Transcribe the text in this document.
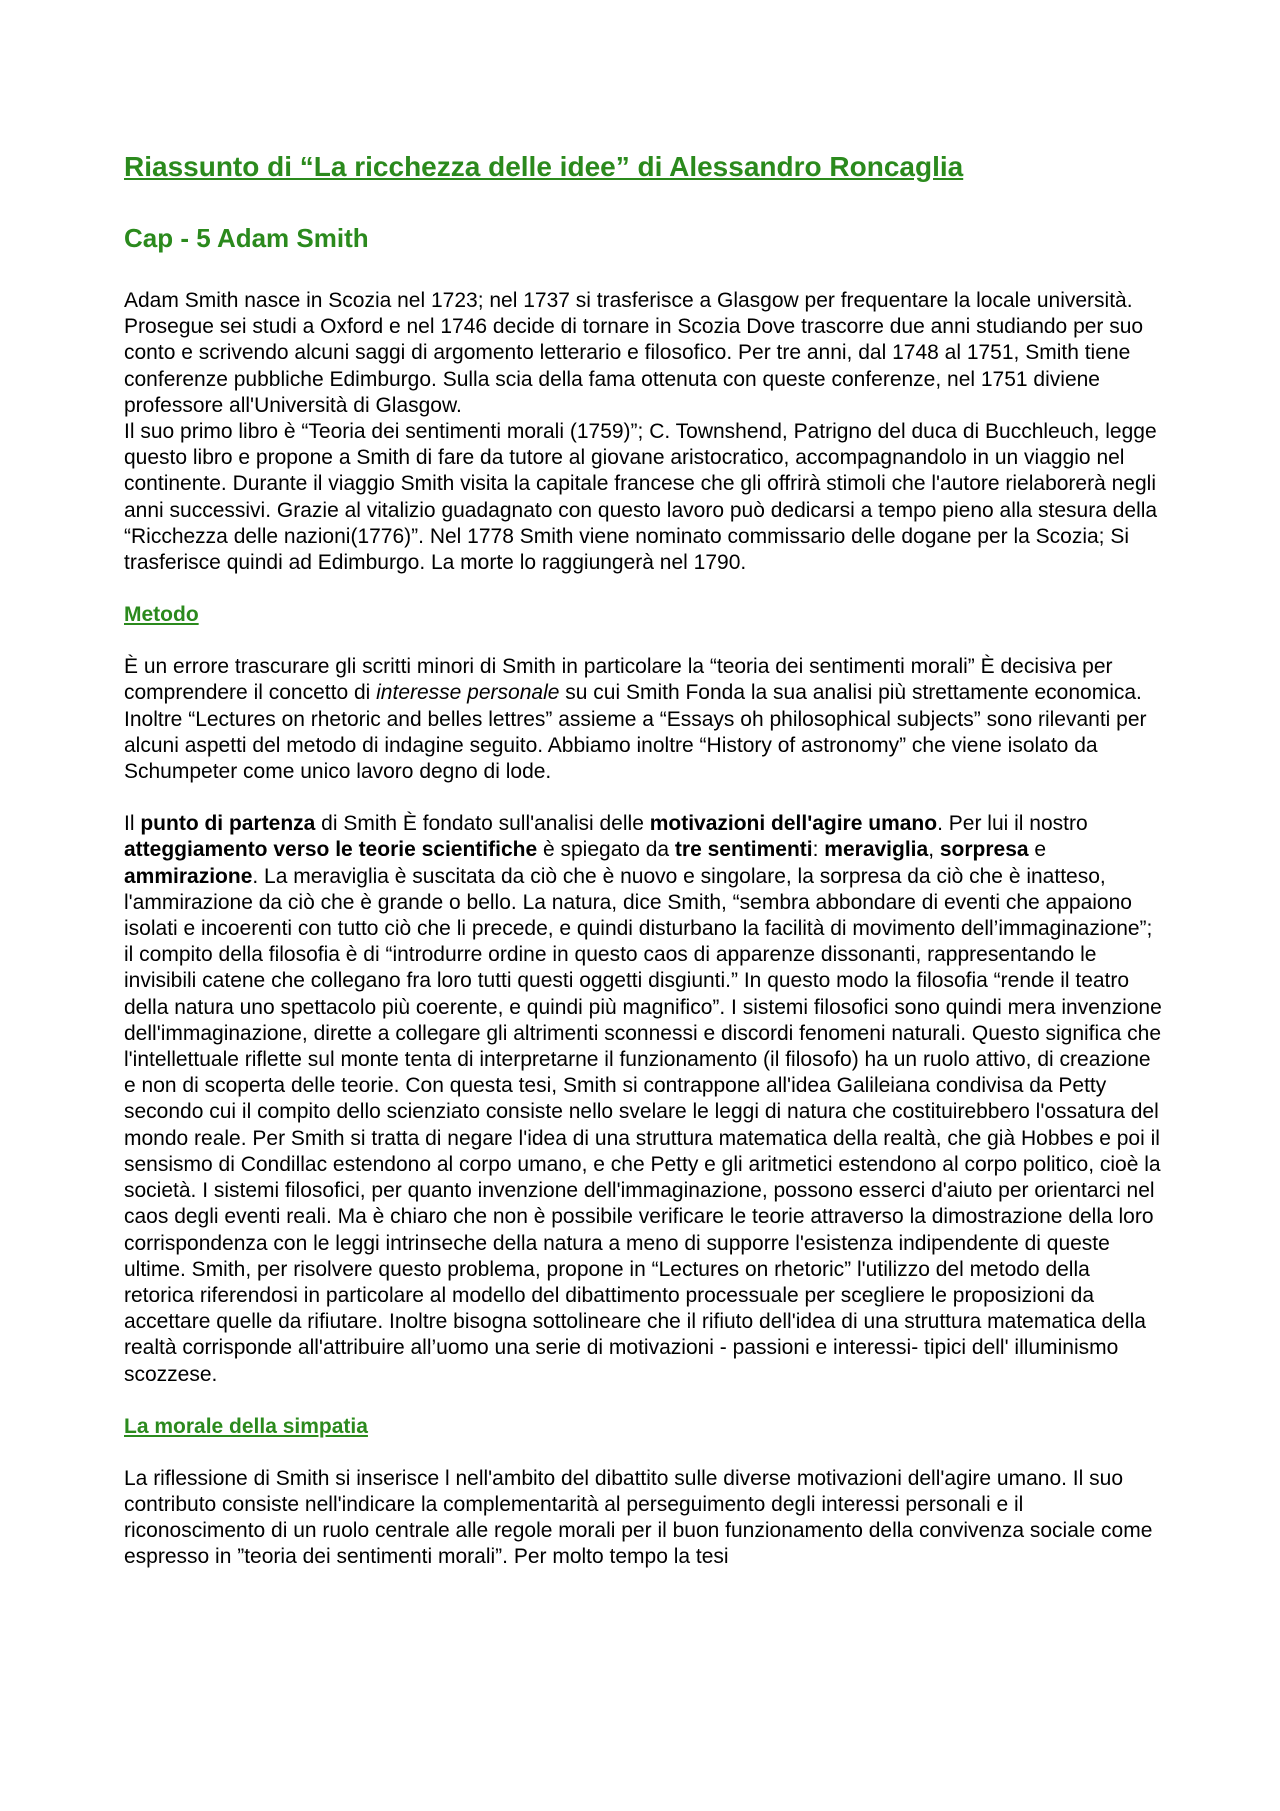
Riassunto di “La ricchezza delle idee” di Alessandro Roncaglia
Cap - 5 Adam Smith

Adam Smith nasce in Scozia nel 1723; nel 1737 si trasferisce a Glasgow per frequentare la locale università. Prosegue sei studi a Oxford e nel 1746 decide di tornare in Scozia Dove trascorre due anni studiando per suo conto e scrivendo alcuni saggi di argomento letterario e filosofico. Per tre anni, dal 1748 al 1751, Smith tiene conferenze pubbliche Edimburgo. Sulla scia della fama ottenuta con queste conferenze, nel 1751 diviene professore all'Università di Glasgow.

Il suo primo libro è “Teoria dei sentimenti morali (1759)”; C. Townshend, Patrigno del duca di Bucchleuch, legge questo libro e propone a Smith di fare da tutore al giovane aristocratico, accompagnandolo in un viaggio nel continente. Durante il viaggio Smith visita la capitale francese che gli offrirà stimoli che l'autore rielaborerà negli anni successivi. Grazie al vitalizio guadagnato con questo lavoro può dedicarsi a tempo pieno alla stesura della “Ricchezza delle nazioni(1776)”. Nel 1778 Smith viene nominato commissario delle dogane per la Scozia; Si trasferisce quindi ad Edimburgo. La morte lo raggiungerà nel 1790.

Metodo

È un errore trascurare gli scritti minori di Smith in particolare la “teoria dei sentimenti morali” È decisiva per comprendere il concetto di interesse personale su cui Smith Fonda la sua analisi più strettamente economica. Inoltre “Lectures on rhetoric and belles lettres” assieme a “Essays oh philosophical subjects” sono rilevanti per alcuni aspetti del metodo di indagine seguito. Abbiamo inoltre “History of astronomy” che viene isolato da Schumpeter come unico lavoro degno di lode.

Il punto di partenza di Smith È fondato sull'analisi delle motivazioni dell'agire umano. Per lui il nostro atteggiamento verso le teorie scientifiche è spiegato da tre sentimenti: meraviglia, sorpresa e ammirazione. La meraviglia è suscitata da ciò che è nuovo e singolare, la sorpresa da ciò che è inatteso, l'ammirazione da ciò che è grande o bello. La natura, dice Smith, “sembra abbondare di eventi che appaiono isolati e incoerenti con tutto ciò che li precede, e quindi disturbano la facilità di movimento dell’immaginazione”; il compito della filosofia è di “introdurre ordine in questo caos di apparenze dissonanti, rappresentando le invisibili catene che collegano fra loro tutti questi oggetti disgiunti.” In questo modo la filosofia “rende il teatro della natura uno spettacolo più coerente, e quindi più magnifico”. I sistemi filosofici sono quindi mera invenzione dell'immaginazione, dirette a collegare gli altrimenti sconnessi e discordi fenomeni naturali. Questo significa che l'intellettuale riflette sul monte tenta di interpretarne il funzionamento (il filosofo) ha un ruolo attivo, di creazione e non di scoperta delle teorie. Con questa tesi, Smith si contrappone all'idea Galileiana condivisa da Petty secondo cui il compito dello scienziato consiste nello svelare le leggi di natura che costituirebbero l'ossatura del mondo reale. Per Smith si tratta di negare l'idea di una struttura matematica della realtà, che già Hobbes e poi il sensismo di Condillac estendono al corpo umano, e che Petty e gli aritmetici estendono al corpo politico, cioè la società. I sistemi filosofici, per quanto invenzione dell'immaginazione, possono esserci d'aiuto per orientarci nel caos degli eventi reali. Ma è chiaro che non è possibile verificare le teorie attraverso la dimostrazione della loro corrispondenza con le leggi intrinseche della natura a meno di supporre l'esistenza indipendente di queste ultime. Smith, per risolvere questo problema, propone in “Lectures on rhetoric” l'utilizzo del metodo della retorica riferendosi in particolare al modello del dibattimento processuale per scegliere le proposizioni da accettare quelle da rifiutare. Inoltre bisogna sottolineare che il rifiuto dell'idea di una struttura matematica della realtà corrisponde all'attribuire all’uomo una serie di motivazioni - passioni e interessi- tipici dell' illuminismo scozzese.

La morale della simpatia

La riflessione di Smith si inserisce l nell'ambito del dibattito sulle diverse motivazioni dell'agire umano. Il suo contributo consiste nell'indicare la complementarità al perseguimento degli interessi personali e il riconoscimento di un ruolo centrale alle regole morali per il buon funzionamento della convivenza sociale come espresso in ”teoria dei sentimenti morali”. Per molto tempo la tesi
